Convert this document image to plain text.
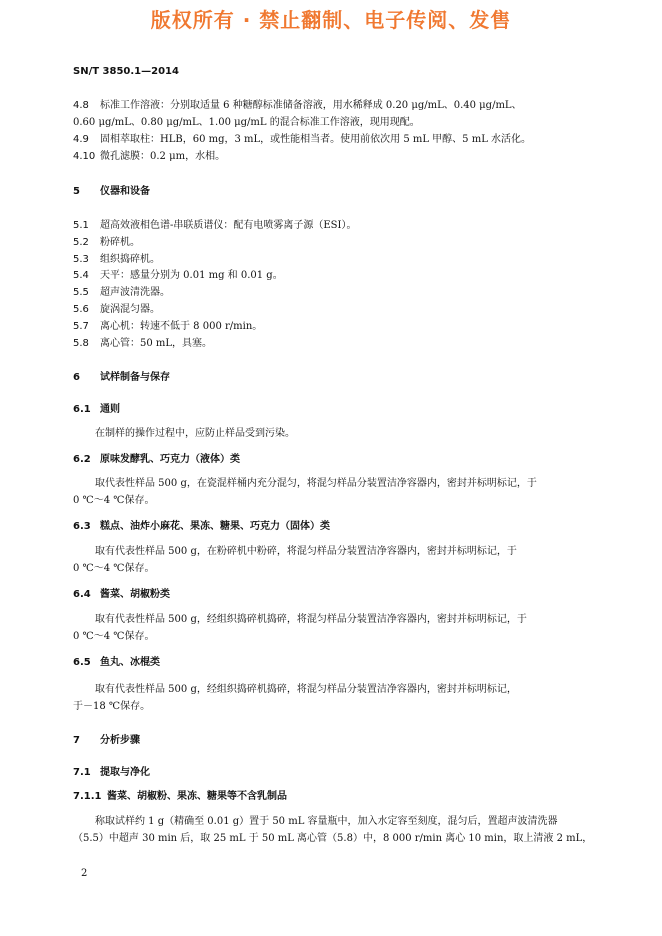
版权所有 · 禁止翻制、电子传阅、发售
SN/T 3850.1—2014
4.8 标准工作溶液：分别取适量 6 种糖醇标准储备溶液，用水稀释成 0.20 μg/mL、0.40 μg/mL、
0.60 μg/mL、0.80 μg/mL、1.00 μg/mL 的混合标准工作溶液，现用现配。
4.9 固相萃取柱：HLB，60 mg，3 mL，或性能相当者。使用前依次用 5 mL 甲醇、5 mL 水活化。
4.10 微孔滤膜：0.2 μm，水相。
5 仪器和设备
5.1 超高效液相色谱-串联质谱仪：配有电喷雾离子源（ESI）。
5.2 粉碎机。
5.3 组织捣碎机。
5.4 天平：感量分别为 0.01 mg 和 0.01 g。
5.5 超声波清洗器。
5.6 旋涡混匀器。
5.7 离心机：转速不低于 8 000 r/min。
5.8 离心管：50 mL，具塞。
6 试样制备与保存
6.1 通则
在制样的操作过程中，应防止样品受到污染。
6.2 原味发酵乳、巧克力（液体）类
取代表性样品 500 g，在瓷混样桶内充分混匀，将混匀样品分装置洁净容器内，密封并标明标记，于
0 ℃～4 ℃保存。
6.3 糕点、油炸小麻花、果冻、糖果、巧克力（固体）类
取有代表性样品 500 g，在粉碎机中粉碎，将混匀样品分装置洁净容器内，密封并标明标记，于
0 ℃～4 ℃保存。
6.4 酱菜、胡椒粉类
取有代表性样品 500 g，经组织捣碎机捣碎，将混匀样品分装置洁净容器内，密封并标明标记，于
0 ℃～4 ℃保存。
6.5 鱼丸、冰棍类
取有代表性样品 500 g，经组织捣碎机捣碎，将混匀样品分装置洁净容器内，密封并标明标记，
于－18 ℃保存。
7 分析步骤
7.1 提取与净化
7.1.1 酱菜、胡椒粉、果冻、糖果等不含乳制品
称取试样约 1 g（精确至 0.01 g）置于 50 mL 容量瓶中，加入水定容至刻度，混匀后，置超声波清洗器
（5.5）中超声 30 min 后，取 25 mL 于 50 mL 离心管（5.8）中，8 000 r/min 离心 10 min，取上清液 2 mL，
2
